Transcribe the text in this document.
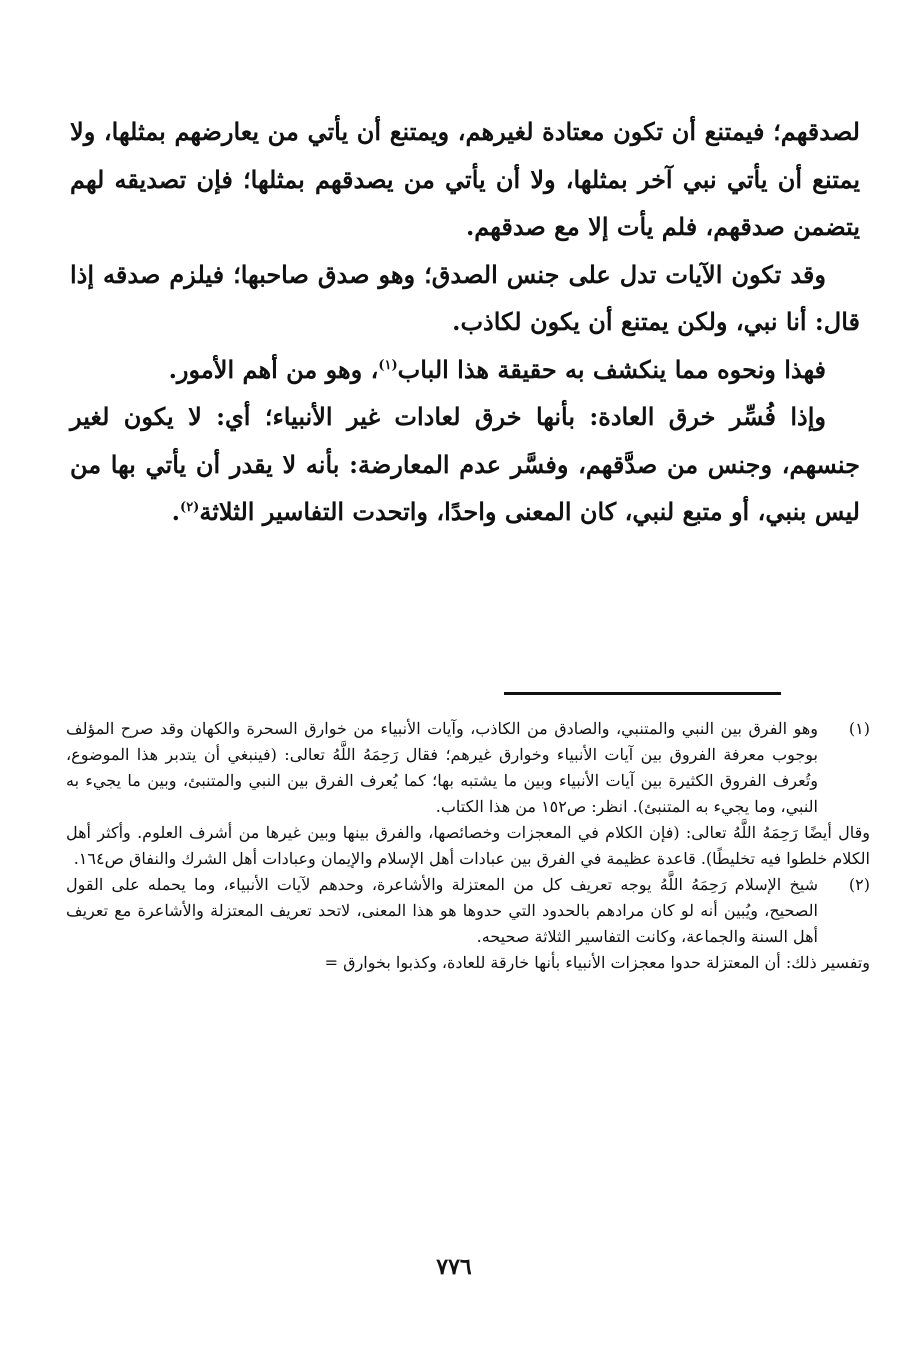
لصدقهم؛ فيمتنع أن تكون معتادة لغيرهم، ويمتنع أن يأتي من يعارضهم بمثلها، ولا يمتنع أن يأتي نبي آخر بمثلها، ولا أن يأتي من يصدقهم بمثلها؛ فإن تصديقه لهم يتضمن صدقهم، فلم يأت إلا مع صدقهم.

وقد تكون الآيات تدل على جنس الصدق؛ وهو صدق صاحبها؛ فيلزم صدقه إذا قال: أنا نبي، ولكن يمتنع أن يكون لكاذب.

فهذا ونحوه مما ينكشف به حقيقة هذا الباب$^{(١)}$، وهو من أهم الأمور.

وإذا فُسِّر خرق العادة: بأنها خرق لعادات غير الأنبياء؛ أي: لا يكون لغير جنسهم، وجنس من صدَّقهم، وفسَّر عدم المعارضة: بأنه لا يقدر أن يأتي بها من ليس بنبي، أو متبع لنبي، كان المعنى واحدًا، واتحدت التفاسير الثلاثة$^{(٢)}$.

(١)
وهو الفرق بين النبي والمتنبي، والصادق من الكاذب، وآيات الأنبياء من خوارق السحرة والكهان وقد صرح المؤلف بوجوب معرفة الفروق بين آيات الأنبياء وخوارق غيرهم؛ فقال رَحِمَهُ اللَّهُ تعالى: (فينبغي أن يتدبر هذا الموضوع، وتُعرف الفروق الكثيرة بين آيات الأنبياء وبين ما يشتبه بها؛ كما يُعرف الفرق بين النبي والمتنبئ، وبين ما يجيء به النبي، وما يجيء به المتنبئ). انظر: ص١٥٢ من هذا الكتاب.

وقال أيضًا رَحِمَهُ اللَّهُ تعالى: (فإن الكلام في المعجزات وخصائصها، والفرق بينها وبين غيرها من أشرف العلوم. وأكثر أهل الكلام خلطوا فيه تخليطًا). قاعدة عظيمة في الفرق بين عبادات أهل الإسلام والإيمان وعبادات أهل الشرك والنفاق ص١٦٤.

(٢)
شيخ الإسلام رَحِمَهُ اللَّهُ يوجه تعريف كل من المعتزلة والأشاعرة، وحدهم لآيات الأنبياء، وما يحمله على القول الصحيح، ويُبين أنه لو كان مرادهم بالحدود التي حدوها هو هذا المعنى، لاتحد تعريف المعتزلة والأشاعرة مع تعريف أهل السنة والجماعة، وكانت التفاسير الثلاثة صحيحه.

وتفسير ذلك: أن المعتزلة حدوا معجزات الأنبياء بأنها خارقة للعادة، وكذبوا بخوارق =

٧٧٦
